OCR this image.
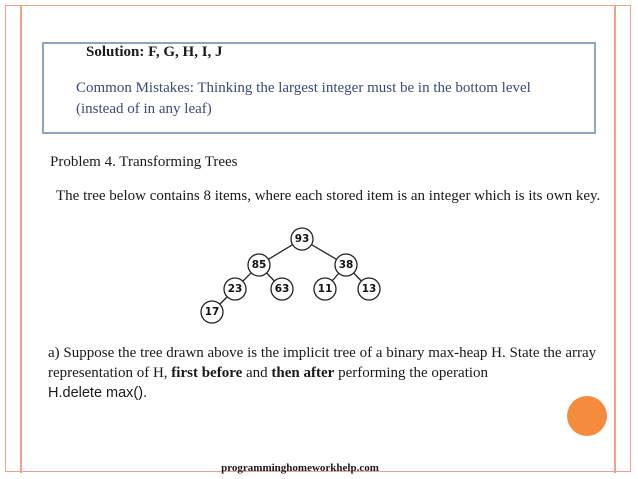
Solution: F, G, H, I, J
Common Mistakes: Thinking the largest integer must be in the bottom level (instead of in any leaf)
Problem 4. Transforming Trees
The tree below contains 8 items, where each stored item is an integer which is its own key.
93
85	38
23	63	11	13
17
a) Suppose the tree drawn above is the implicit tree of a binary max-heap H. State the array representation of H, first before and then after performing the operation
H.delete max().
programminghomeworkhelp.com
